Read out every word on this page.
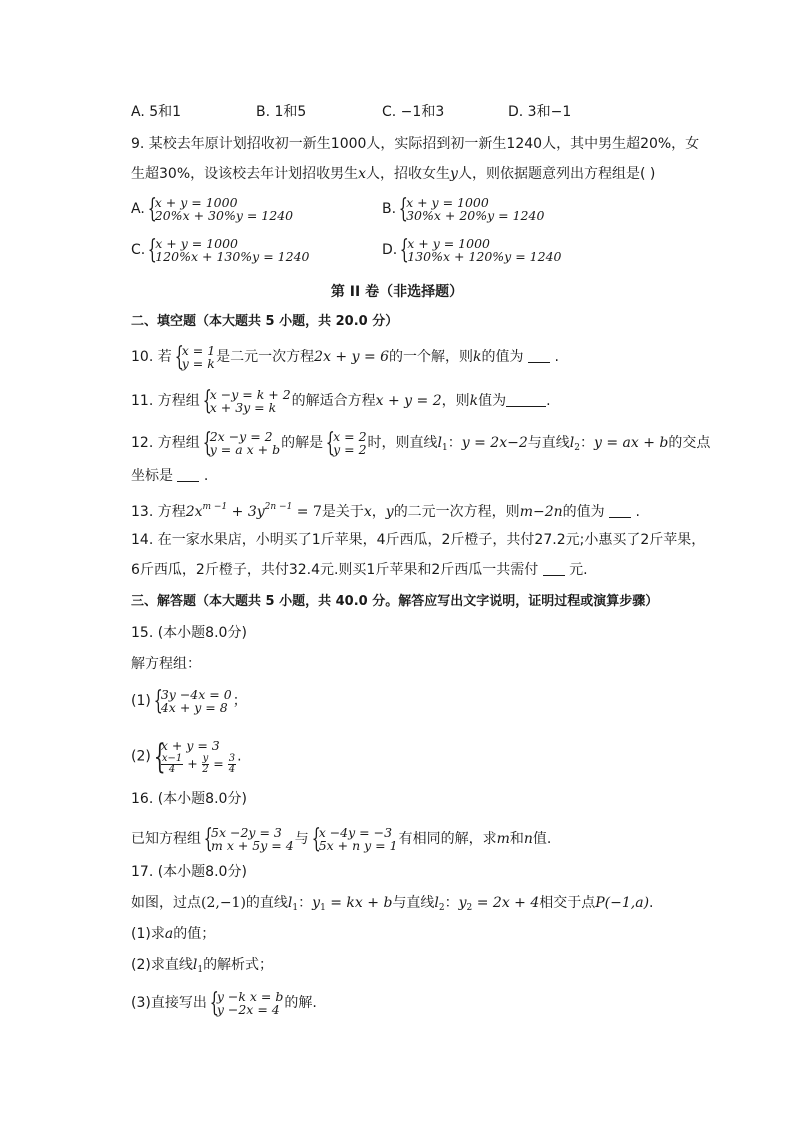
A. 5和1	B. 1和5	C. −1和3	D. 3和−1
9. 某校去年原计划招收初一新生1000人，实际招到初一新生1240人，其中男生超20%，女
生超30%，设该校去年计划招收男生x人，招收女生y人，则依据题意列出方程组是( )
A. {
x + y = 1000
20%x + 30%y = 1240	B. {
x + y = 1000
30%x + 20%y = 1240
C. {
x + y = 1000
120%x + 130%y = 1240	D. {
x + y = 1000
130%x + 120%y = 1240
第 II 卷（非选择题）
二、填空题（本大题共 5 小题，共 20.0 分）
10. 若 {
x = 1
y = k 是二元一次方程2x + y = 6的一个解，则k的值为 .
11. 方程组 {
x −y = k + 2
x + 3y = k	的解适合方程x + y = 2，则k值为	.
12. 方程组 {
2x −y = 2
y = a x + b 的解是 {
x = 2
y = 2 时，则直线$l_1$：y = 2x−2与直线$l_2$：y = ax + b的交点
坐标是 .
13. 方程$2x^{m -1} + 3y^{2n -1} = 7$是关于x，y的二元一次方程，则m−2n的值为 .
14. 在一家水果店，小明买了1斤苹果，4斤西瓜，2斤橙子，共付27.2元;小惠买了2斤苹果，
6斤西瓜，2斤橙子，共付32.4元.则买1斤苹果和2斤西瓜一共需付 元.
三、解答题（本大题共 5 小题，共 40.0 分。解答应写出文字说明，证明过程或演算步骤）
15. (本小题8.0分)
解方程组：
(1) {
3y −4x = 0
4x + y = 8 ；
(2) {
x + y = 3
$\frac{x-1}{4} + \frac{y}{2} = \frac{3}{4}$ .
16. (本小题8.0分)
已知方程组 {
5x −2y = 3
m x + 5y = 4 与 {
x −4y = −3
5x + n y = 1 有相同的解，求m和n值.
17. (本小题8.0分)
如图，过点(2,−1)的直线$l_1$：$y_1$ = kx + b与直线$l_2$：$y_2 = 2x + 4$相交于点P(−1,a).
(1)求a的值；
(2)求直线$l_1$的解析式；
(3)直接写出 {
y −k x = b
y −2x = 4 的解.
